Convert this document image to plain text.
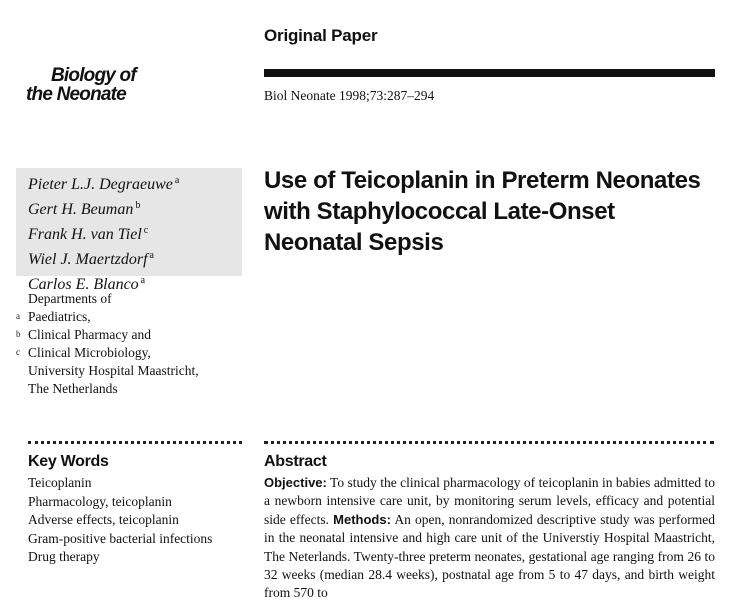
Original Paper
Biology of
the Neonate	Biol Neonate 1998;73:287–294
Pieter L.J. Degraeuwe $^a$
Gert H. Beuman $^b$
Frank H. van Tiel $^c$
Wiel J. Maertzdorf $^a$
Carlos E. Blanco $^a$
Use of Teicoplanin in Preterm Neonates with Staphylococcal Late-Onset Neonatal Sepsis
Departments of
a Paediatrics,
b Clinical Pharmacy and
c Clinical Microbiology,
University Hospital Maastricht,
The Netherlands
Key Words
Teicoplanin
Pharmacology, teicoplanin
Adverse effects, teicoplanin
Gram-positive bacterial infections
Drug therapy
Abstract
Objective: To study the clinical pharmacology of teicoplanin in babies admitted to a newborn intensive care unit, by monitoring serum levels, efficacy and potential side effects. Methods: An open, nonrandomized descriptive study was performed in the neonatal intensive and high care unit of the Universtiy Hospital Maastricht, The Neterlands. Twenty-three preterm neonates, gestational age ranging from 26 to 32 weeks (median 28.4 weeks), postnatal age from 5 to 47 days, and birth weight from 570 to
